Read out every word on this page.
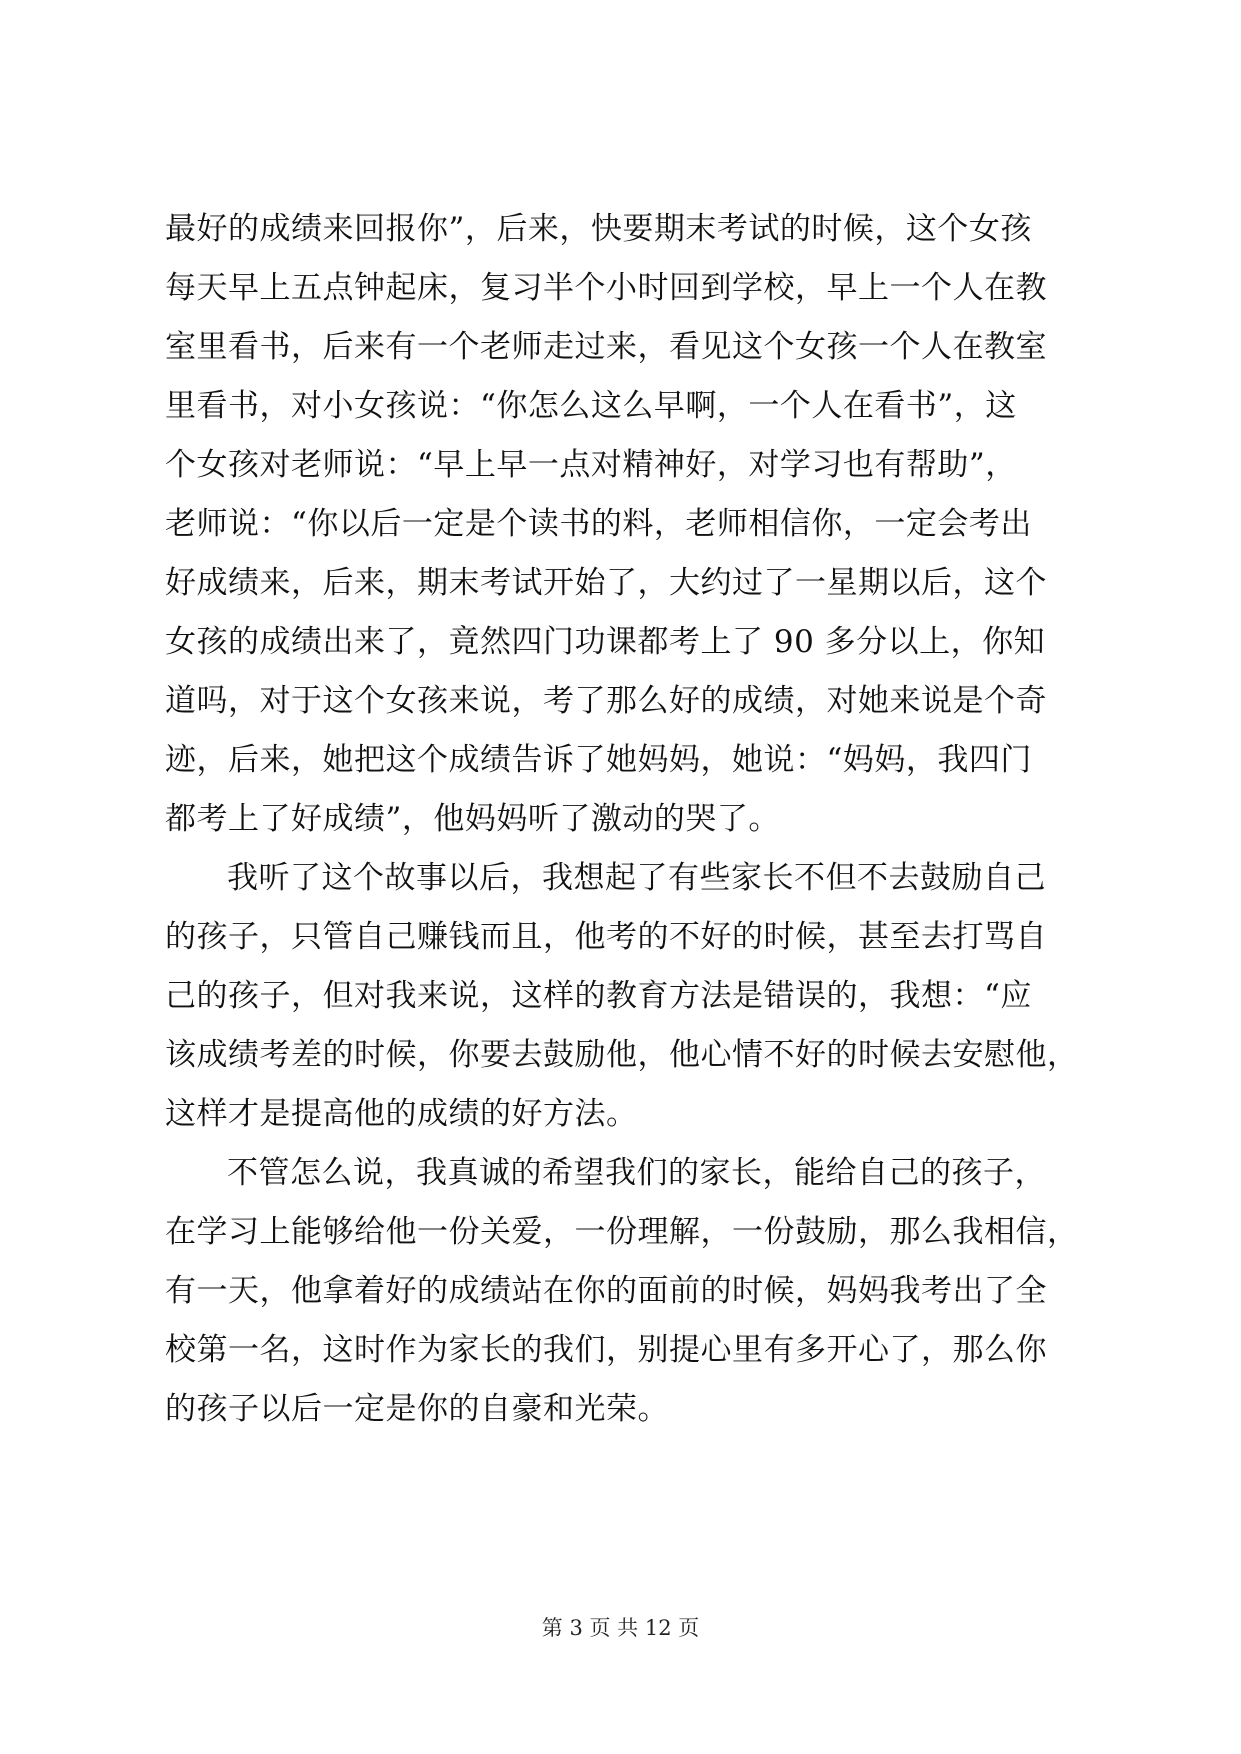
最好的成绩来回报你”，后来，快要期末考试的时候，这个女孩
每天早上五点钟起床，复习半个小时回到学校，早上一个人在教
室里看书，后来有一个老师走过来，看见这个女孩一个人在教室
里看书，对小女孩说：“你怎么这么早啊，一个人在看书”，这
个女孩对老师说：“早上早一点对精神好，对学习也有帮助”，
老师说：“你以后一定是个读书的料，老师相信你，一定会考出
好成绩来，后来，期末考试开始了，大约过了一星期以后，这个
女孩的成绩出来了，竟然四门功课都考上了 90 多分以上，你知
道吗，对于这个女孩来说，考了那么好的成绩，对她来说是个奇
迹，后来，她把这个成绩告诉了她妈妈，她说：“妈妈，我四门
都考上了好成绩”，他妈妈听了激动的哭了。
我听了这个故事以后，我想起了有些家长不但不去鼓励自己
的孩子，只管自己赚钱而且，他考的不好的时候，甚至去打骂自
己的孩子，但对我来说，这样的教育方法是错误的，我想：“应
该成绩考差的时候，你要去鼓励他，他心情不好的时候去安慰他，
这样才是提高他的成绩的好方法。
不管怎么说，我真诚的希望我们的家长，能给自己的孩子，
在学习上能够给他一份关爱，一份理解，一份鼓励，那么我相信，
有一天，他拿着好的成绩站在你的面前的时候，妈妈我考出了全
校第一名，这时作为家长的我们，别提心里有多开心了，那么你
的孩子以后一定是你的自豪和光荣。
第 3 页 共 12 页
